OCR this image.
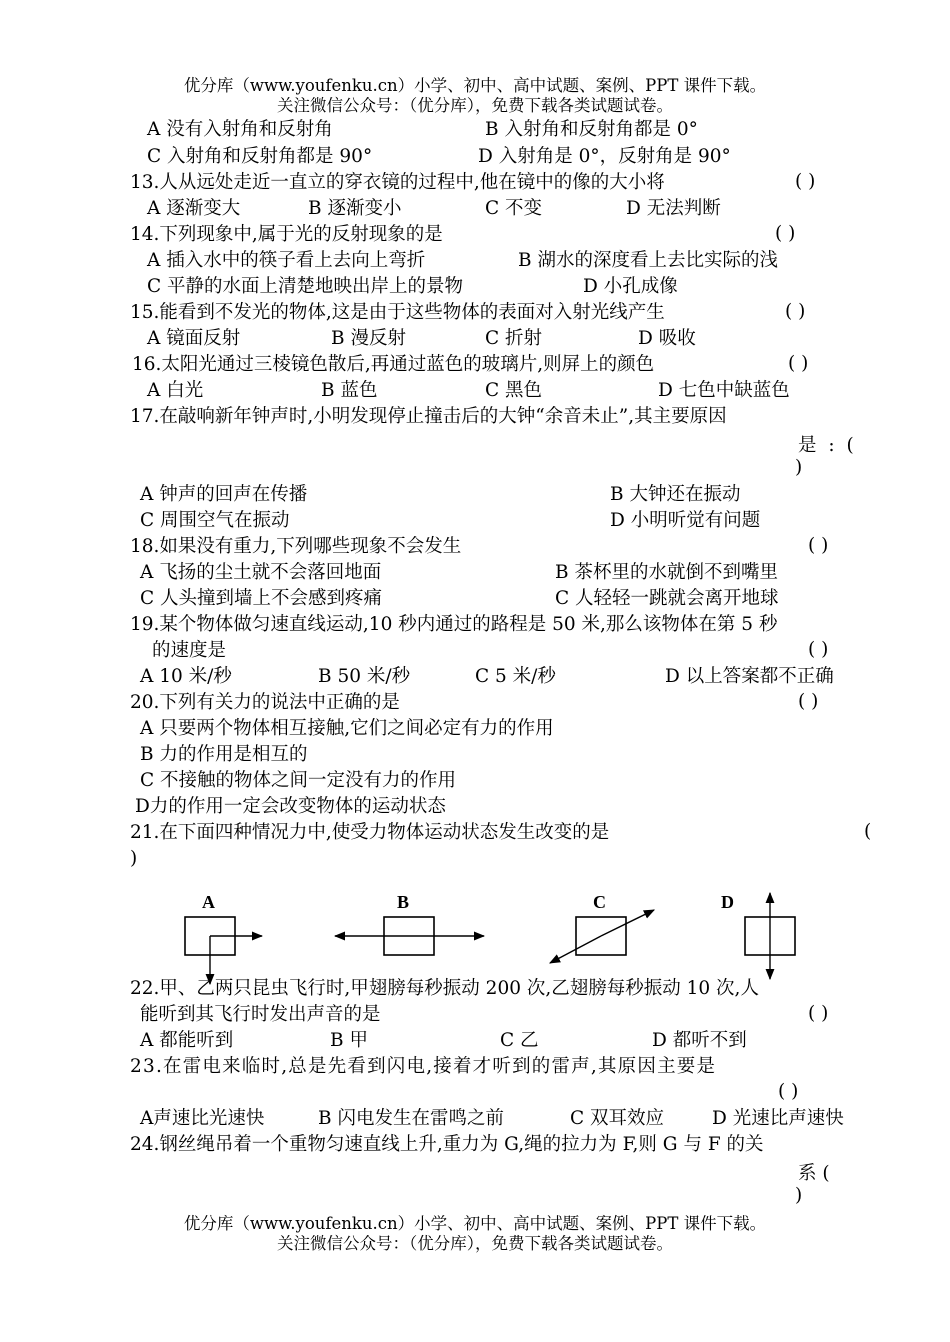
优分库（www.youfenku.cn）小学、初中、高中试题、案例、PPT 课件下载。
关注微信公众号：（优分库），免费下载各类试题试卷。
A 没有入射角和反射角	B 入射角和反射角都是 0°
C 入射角和反射角都是 90°	D 入射角是 0°，反射角是 90°
13.人从远处走近一直立的穿衣镜的过程中,他在镜中的像的大小将	( )
A 逐渐变大	B 逐渐变小	C 不变	D 无法判断
14.下列现象中,属于光的反射现象的是	( )
A 插入水中的筷子看上去向上弯折	B 湖水的深度看上去比实际的浅
C 平静的水面上清楚地映出岸上的景物	D 小孔成像
15.能看到不发光的物体,这是由于这些物体的表面对入射光线产生	( )
A 镜面反射	B 漫反射	C 折射	D 吸收
16.太阳光通过三棱镜色散后,再通过蓝色的玻璃片,则屏上的颜色	( )
A 白光	B 蓝色	C 黑色	D 七色中缺蓝色
17.在敲响新年钟声时,小明发现停止撞击后的大钟“余音未止”,其主要原因
是 : (
)
A 钟声的回声在传播	B 大钟还在振动
C 周围空气在振动	D 小明听觉有问题
18.如果没有重力,下列哪些现象不会发生	( )
A 飞扬的尘土就不会落回地面	B 茶杯里的水就倒不到嘴里
C 人头撞到墙上不会感到疼痛	C 人轻轻一跳就会离开地球
19.某个物体做匀速直线运动,10 秒内通过的路程是 50 米,那么该物体在第 5 秒
的速度是	( )
A 10 米/秒	B 50 米/秒	C 5 米/秒	D 以上答案都不正确
20.下列有关力的说法中正确的是	( )
A 只要两个物体相互接触,它们之间必定有力的作用
B 力的作用是相互的
C 不接触的物体之间一定没有力的作用
D力的作用一定会改变物体的运动状态
21.在下面四种情况力中,使受力物体运动状态发生改变的是	(
)
A	B	C	D
22.甲、乙两只昆虫飞行时,甲翅膀每秒振动 200 次,乙翅膀每秒振动 10 次,人
能听到其飞行时发出声音的是	( )
A 都能听到	B 甲	C 乙	D 都听不到
23.在雷电来临时,总是先看到闪电,接着才听到的雷声,其原因主要是
( )
A声速比光速快	B 闪电发生在雷鸣之前	C 双耳效应	D 光速比声速快
24.钢丝绳吊着一个重物匀速直线上升,重力为 G,绳的拉力为 F,则 G 与 F 的关
系 (
)
优分库（www.youfenku.cn）小学、初中、高中试题、案例、PPT 课件下载。
关注微信公众号：（优分库），免费下载各类试题试卷。
